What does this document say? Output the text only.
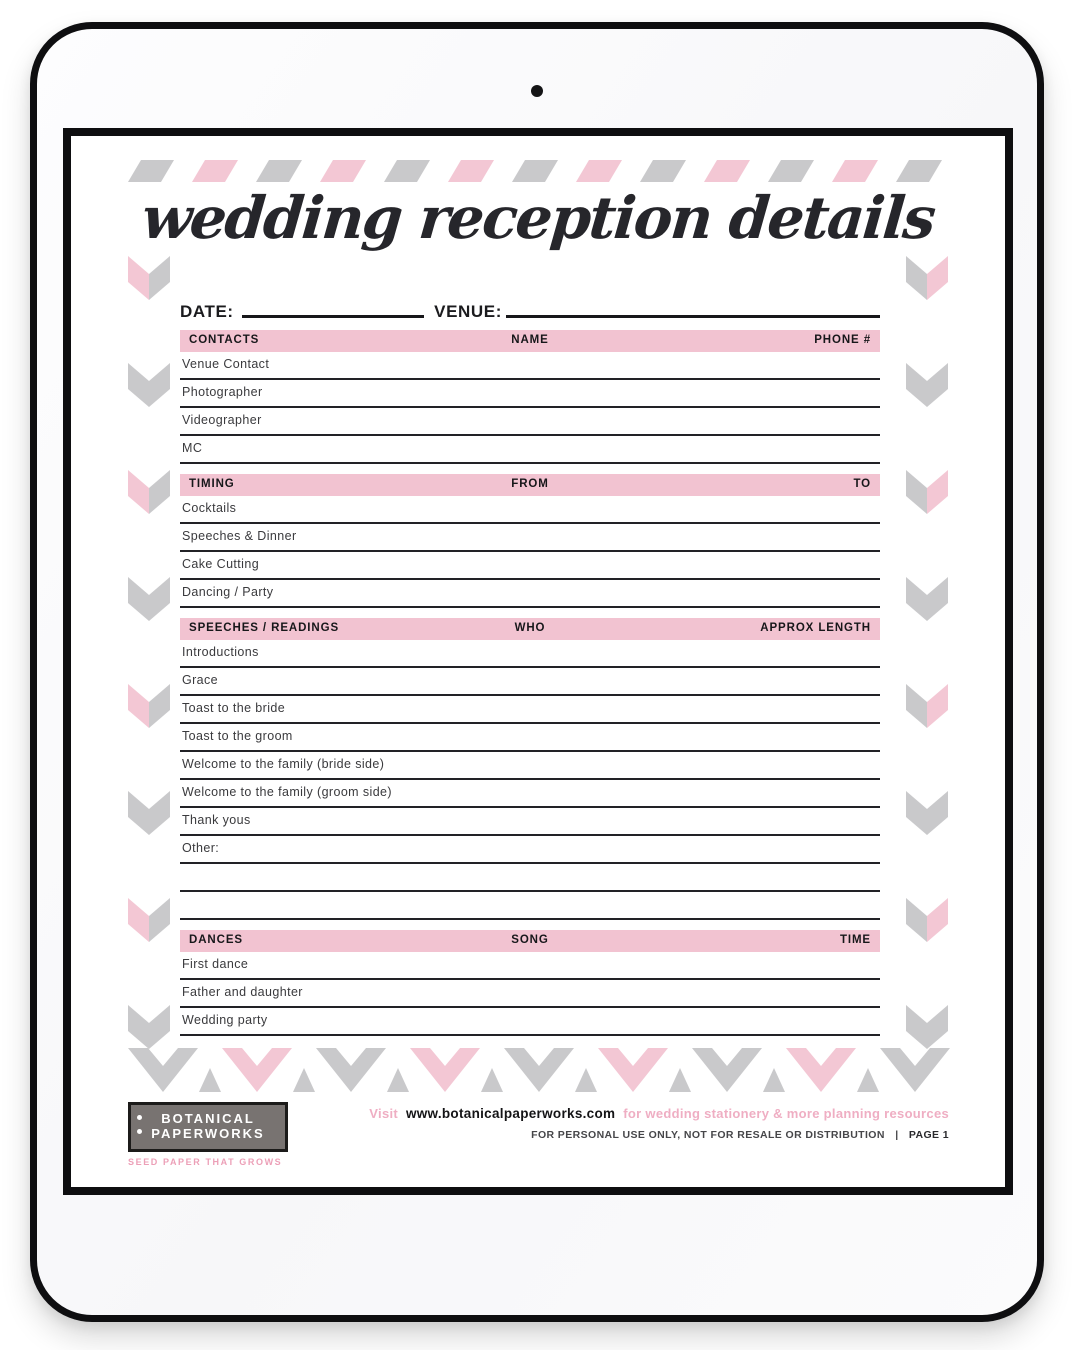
wedding reception details
DATE:	VENUE:
CONTACTS	NAME	PHONE #
Venue Contact
Photographer
Videographer
MC
TIMING	FROM	TO
Cocktails
Speeches & Dinner
Cake Cutting
Dancing / Party
SPEECHES / READINGS	WHO	APPROX LENGTH
Introductions
Grace
Toast to the bride
Toast to the groom
Welcome to the family (bride side)
Welcome to the family (groom side)
Thank yous
Other:
DANCES	SONG	TIME
First dance
Father and daughter
Wedding party
BOTANICAL
PAPERWORKS
SEED PAPER THAT GROWS
Visit www.botanicalpaperworks.com for wedding stationery & more planning resources
FOR PERSONAL USE ONLY, NOT FOR RESALE OR DISTRIBUTION | PAGE 1
